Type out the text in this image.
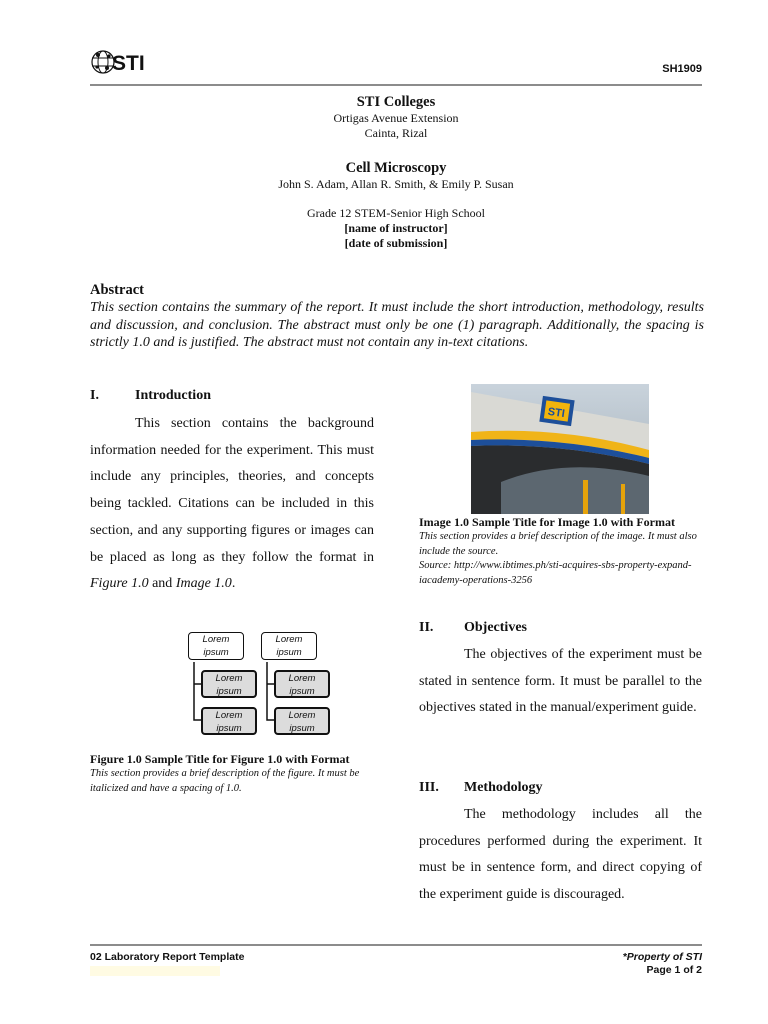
STI	SH1909
STI Colleges
Ortigas Avenue Extension
Cainta, Rizal
Cell Microscopy
John S. Adam, Allan R. Smith, & Emily P. Susan
Grade 12 STEM-Senior High School
[name of instructor]
[date of submission]
Abstract
This section contains the summary of the report. It must include the short introduction, methodology, results and discussion, and conclusion. The abstract must only be one (1) paragraph. Additionally, the spacing is strictly 1.0 and is justified. The abstract must not contain any in-text citations.
I.	Introduction
This section contains the background information needed for the experiment. This must include any principles, theories, and concepts being tackled. Citations can be included in this section, and any supporting figures or images can be placed as long as they follow the format in Figure 1.0 and Image 1.0.
Lorem ipsum
Lorem ipsum
Lorem ipsum
Lorem ipsum
Lorem ipsum
Lorem ipsum
Figure 1.0 Sample Title for Figure 1.0 with Format
This section provides a brief description of the figure. It must be italicized and have a spacing of 1.0.
STI
Image 1.0 Sample Title for Image 1.0 with Format
This section provides a brief description of the image. It must also include the source.
Source: http://www.ibtimes.ph/sti-acquires-sbs-property-expand-iacademy-operations-3256
II. Objectives
The objectives of the experiment must be stated in sentence form. It must be parallel to the objectives stated in the manual/experiment guide.
III. Methodology
The methodology includes all the procedures performed during the experiment. It must be in sentence form, and direct copying of the experiment guide is discouraged.
02 Laboratory Report Template	*Property of STI
Page 1 of 2
